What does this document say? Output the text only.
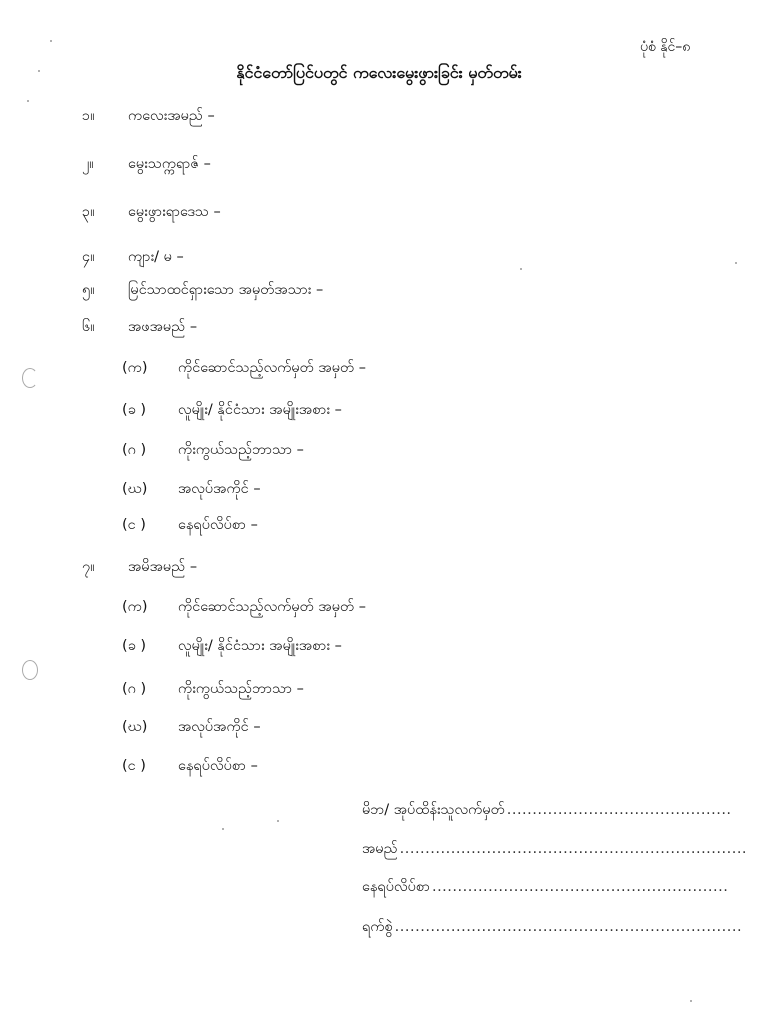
ပုံစံ နိုင်–၈
နိုင်ငံတော်ပြင်ပတွင် ကလေးမွေးဖွားခြင်း မှတ်တမ်း
၁။	ကလေးအမည် –
၂။	မွေးသက္ကရာဇ် –
၃။	မွေးဖွားရာဒေသ –
၄။	ကျား/ မ –
၅။	မြင်သာထင်ရှားသော အမှတ်အသား –
၆။	အဖအမည် –
(က)	ကိုင်ဆောင်သည့်လက်မှတ် အမှတ် –
(ခ )	လူမျိုး/ နိုင်ငံသား အမျိုးအစား –
(ဂ )	ကိုးကွယ်သည့်ဘာသာ –
(ဃ)	အလုပ်အကိုင် –
(င )	နေရပ်လိပ်စာ –
၇။	အမိအမည် –
(က)	ကိုင်ဆောင်သည့်လက်မှတ် အမှတ် –
(ခ )	လူမျိုး/ နိုင်ငံသား အမျိုးအစား –
(ဂ )	ကိုးကွယ်သည့်ဘာသာ –
(ဃ)	အလုပ်အကိုင် –
(င )	နေရပ်လိပ်စာ –
မိဘ/ အုပ်ထိန်းသူလက်မှတ် ............................................
အမည် ....................................................................
နေရပ်လိပ်စာ ..........................................................
ရက်စွဲ ....................................................................
